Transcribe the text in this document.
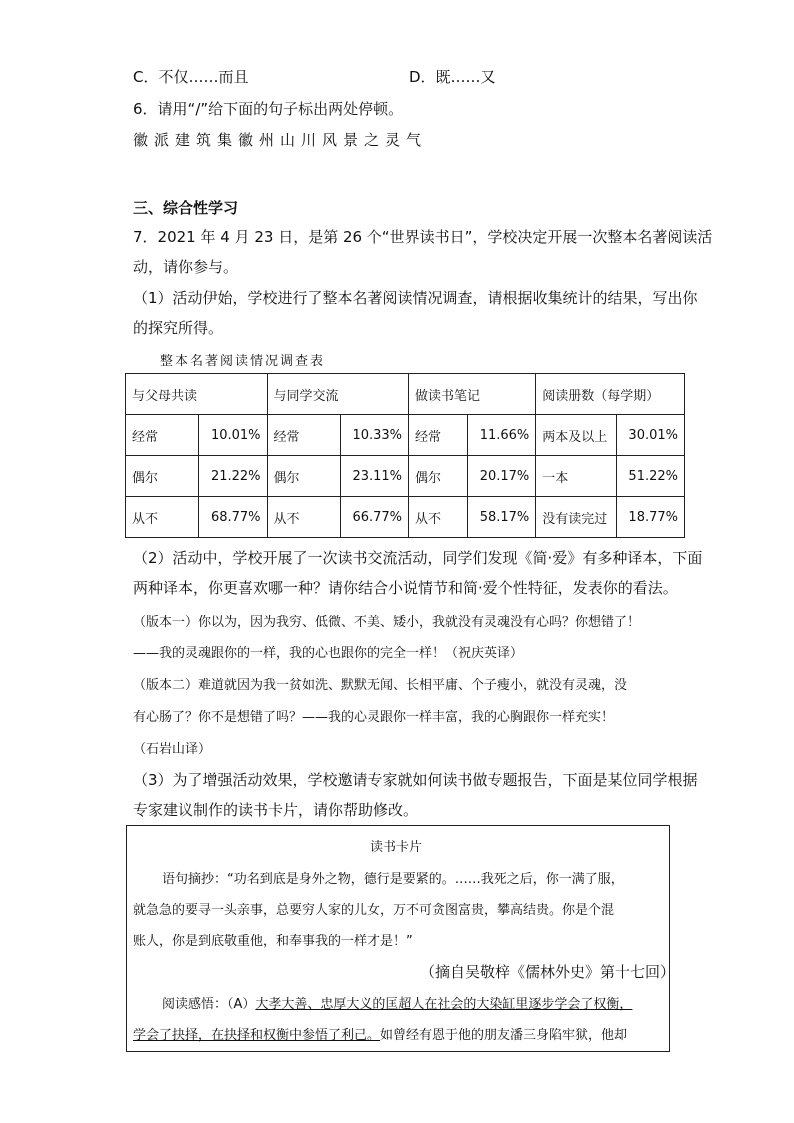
C．不仅……而且	D．既……又
6．请用“/”给下面的句子标出两处停顿。
徽派建筑集徽州山川风景之灵气
三、综合性学习
7．2021 年 4 月 23 日，是第 26 个“世界读书日”，学校决定开展一次整本名著阅读活
动，请你参与。
（1）活动伊始，学校进行了整本名著阅读情况调查，请根据收集统计的结果，写出你
的探究所得。
整本名著阅读情况调查表
与父母共读		与同学交流		做读书笔记		阅读册数（每学期）	
经常	10.01%	经常	10.33%	经常	11.66%	两本及以上	30.01%
偶尔	21.22%	偶尔	23.11%	偶尔	20.17%	一本	51.22%
从不	68.77%	从不	66.77%	从不	58.17%	没有读完过	18.77%
（2）活动中，学校开展了一次读书交流活动，同学们发现《简·爱》有多种译本，下面
两种译本，你更喜欢哪一种？请你结合小说情节和简·爱个性特征，发表你的看法。
（版本一）你以为，因为我穷、低微、不美、矮小，我就没有灵魂没有心吗？你想错了！
——我的灵魂跟你的一样，我的心也跟你的完全一样！（祝庆英译）
（版本二）难道就因为我一贫如洗、默默无闻、长相平庸、个子瘦小，就没有灵魂，没
有心肠了？你不是想错了吗？——我的心灵跟你一样丰富，我的心胸跟你一样充实！
（石岩山译）
（3）为了增强活动效果，学校邀请专家就如何读书做专题报告，下面是某位同学根据
专家建议制作的读书卡片，请你帮助修改。
读书卡片
语句摘抄：“功名到底是身外之物，德行是要紧的。……我死之后，你一满了服，
就急急的要寻一头亲事，总要穷人家的儿女，万不可贪图富贵，攀高结贵。你是个混
账人，你是到底敬重他，和奉事我的一样才是！”
（摘自吴敬梓《儒林外史》第十七回）
阅读感悟：（A）大孝大善、忠厚大义的匡超人在社会的大染缸里逐步学会了权衡，
学会了抉择，在抉择和权衡中参悟了利己。如曾经有恩于他的朋友潘三身陷牢狱，他却
